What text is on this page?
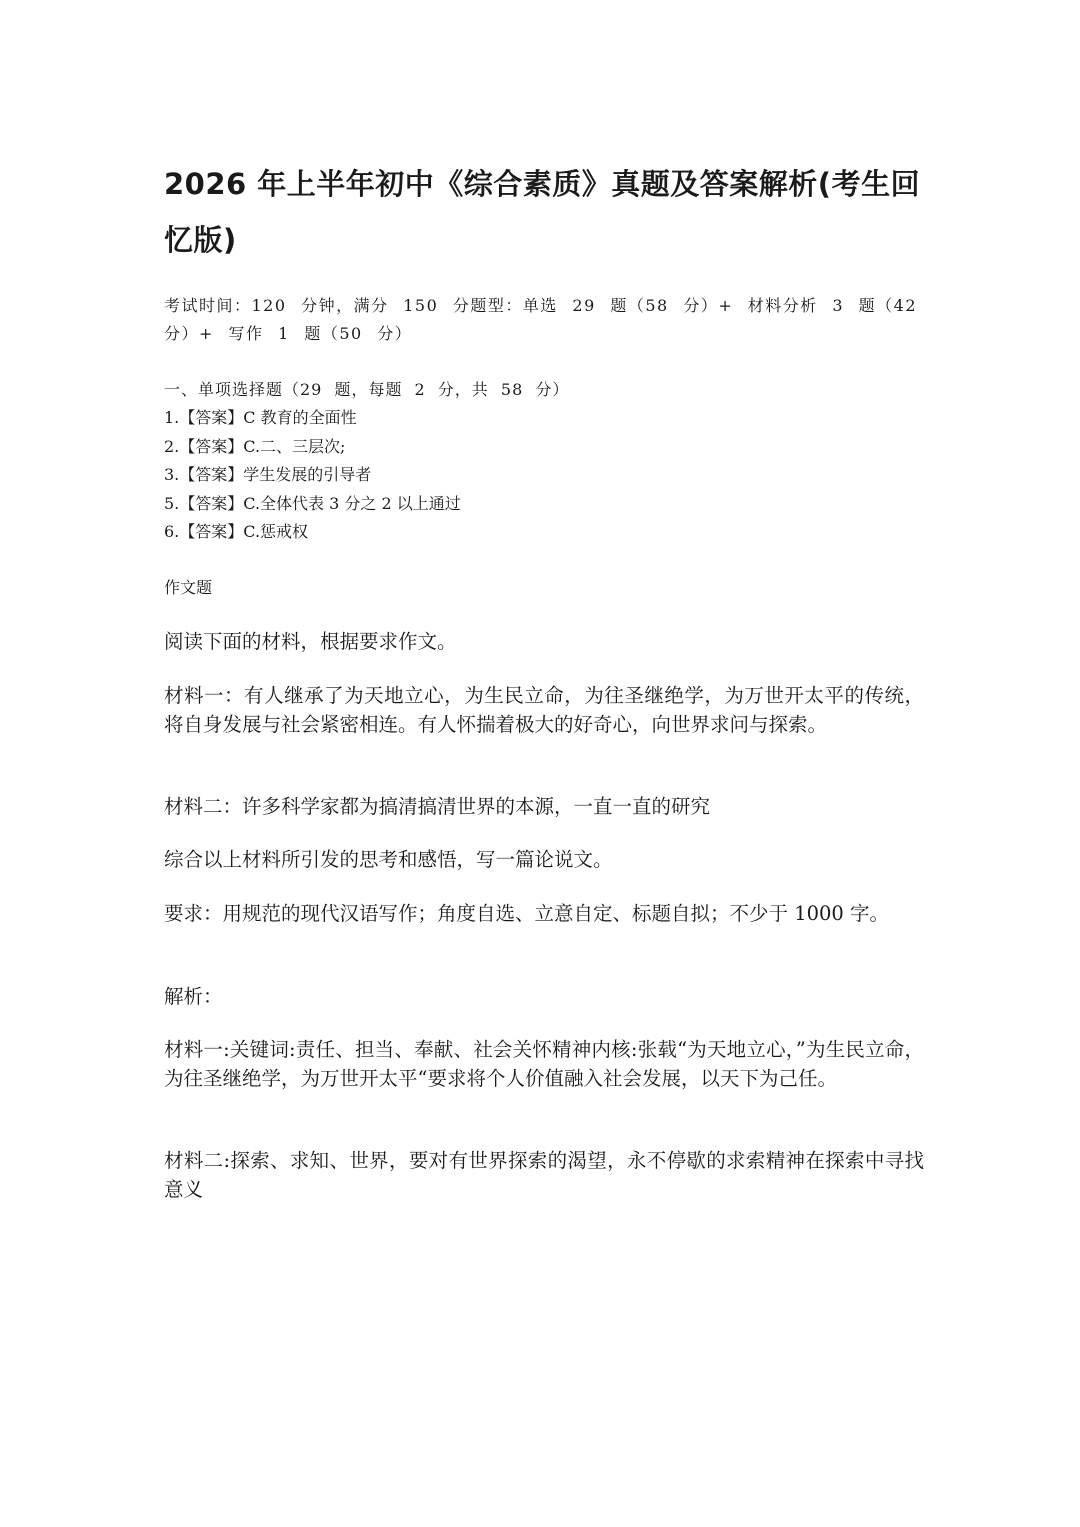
2026 年上半年初中《综合素质》真题及答案解析(考生回忆版)

考试时间：120 分钟，满分 150 分题型：单选 29 题（58 分）+ 材料分析 3 题（42 分）+ 写作 1 题（50 分）

一、单项选择题（29 题，每题 2 分，共 58 分）

1.【答案】C 教育的全面性
2.【答案】C.二、三层次;
3.【答案】学生发展的引导者
5.【答案】C.全体代表 3 分之 2 以上通过
6.【答案】C.惩戒权

作文题

阅读下面的材料，根据要求作文。

材料一：有人继承了为天地立心，为生民立命，为往圣继绝学，为万世开太平的传统，将自身发展与社会紧密相连。有人怀揣着极大的好奇心，向世界求问与探索。

材料二：许多科学家都为搞清搞清世界的本源，一直一直的研究

综合以上材料所引发的思考和感悟，写一篇论说文。

要求：用规范的现代汉语写作；角度自选、立意自定、标题自拟；不少于 1000 字。

解析：

材料一:关键词:责任、担当、奉献、社会关怀精神内核:张载“为天地立心，”为生民立命，为往圣继绝学，为万世开太平“要求将个人价值融入社会发展，以天下为己任。

材料二:探索、求知、世界，要对有世界探索的渴望，永不停歇的求索精神在探索中寻找意义
